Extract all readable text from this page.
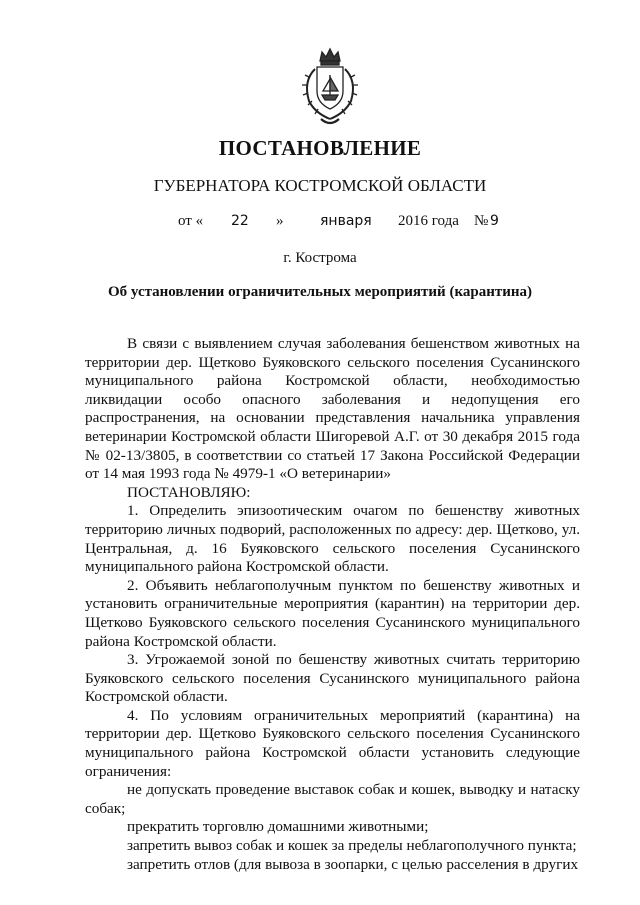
ПОСТАНОВЛЕНИЕ
ГУБЕРНАТОРА КОСТРОМСКОЙ ОБЛАСТИ
от « 22 »	января 2016 года № 9
г. Кострома
Об установлении ограничительных мероприятий (карантина)

В связи с выявлением случая заболевания бешенством животных на территории дер. Щетково Буяковского сельского поселения Сусанинского муниципального района Костромской области, необходимостью ликвидации особо опасного заболевания и недопущения его распространения, на основании представления начальника управления ветеринарии Костромской области Шигоревой А.Г. от 30 декабря 2015 года № 02-13/3805, в соответствии со статьей 17 Закона Российской Федерации от 14 мая 1993 года № 4979-1 «О ветеринарии»

ПОСТАНОВЛЯЮ:

1. Определить эпизоотическим очагом по бешенству животных территорию личных подворий, расположенных по адресу: дер. Щетково, ул. Центральная, д. 16 Буяковского сельского поселения Сусанинского муниципального района Костромской области.

2. Объявить неблагополучным пунктом по бешенству животных и установить ограничительные мероприятия (карантин) на территории дер. Щетково Буяковского сельского поселения Сусанинского муниципального района Костромской области.

3. Угрожаемой зоной по бешенству животных считать территорию Буяковского сельского поселения Сусанинского муниципального района Костромской области.

4. По условиям ограничительных мероприятий (карантина) на территории дер. Щетково Буяковского сельского поселения Сусанинского муниципального района Костромской области установить следующие ограничения:

не допускать проведение выставок собак и кошек, выводку и натаску собак;

прекратить торговлю домашними животными;

запретить вывоз собак и кошек за пределы неблагополучного пункта;

запретить отлов (для вывоза в зоопарки, с целью расселения в других
